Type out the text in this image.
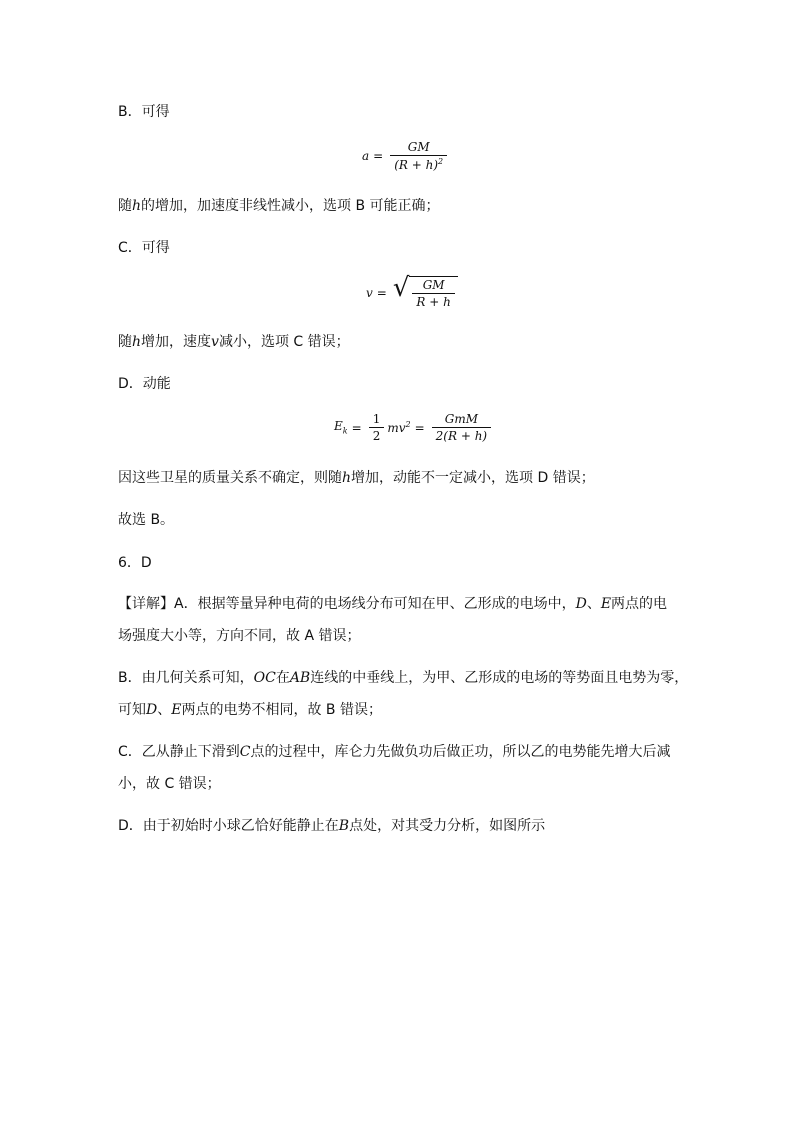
B．可得
$a = \frac{GM}{(R + h)^2}$
随h的增加，加速度非线性减小，选项 B 可能正确；
C．可得
v = √ $\frac{GM}{R + h}$
随h增加，速度v减小，选项 C 错误；
D．动能
$E_k = \frac{1}{2} mv^2 = \frac{\text{GmM}}{2(R + h)}$
因这些卫星的质量关系不确定，则随h增加，动能不一定减小，选项 D 错误；
故选 B。
6．D
【详解】A．根据等量异种电荷的电场线分布可知在甲、乙形成的电场中，D、E两点的电
场强度大小等，方向不同，故 A 错误；
B．由几何关系可知，OC在AB连线的中垂线上，为甲、乙形成的电场的等势面且电势为零，
可知D、E两点的电势不相同，故 B 错误；
C．乙从静止下滑到C点的过程中，库仑力先做负功后做正功，所以乙的电势能先增大后减
小，故 C 错误；
D．由于初始时小球乙恰好能静止在B点处，对其受力分析，如图所示
